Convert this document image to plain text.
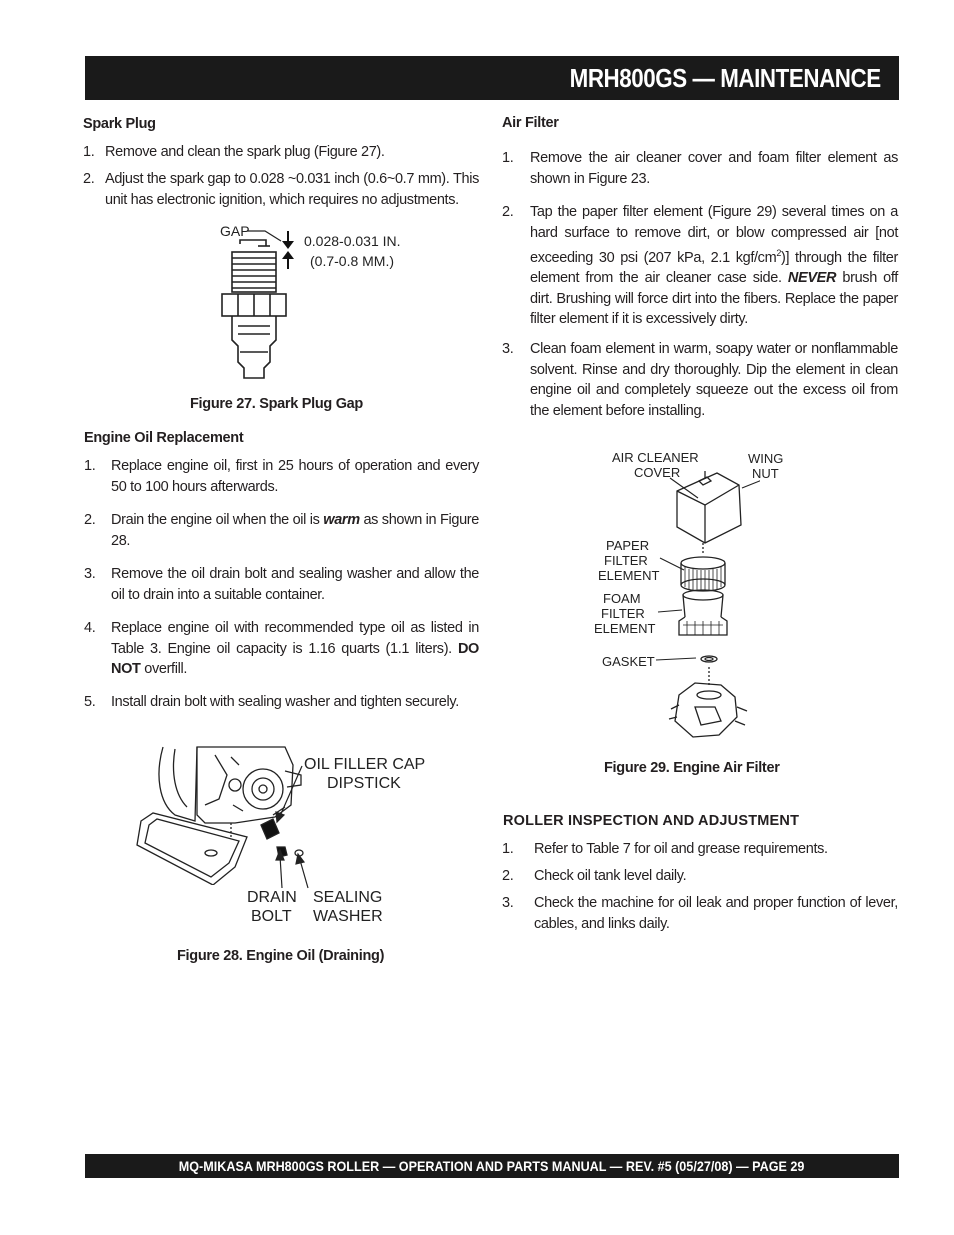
MRH800GS — MAINTENANCE
Spark Plug
1. Remove and clean the spark plug (Figure 27).
2. Adjust the spark gap to 0.028 ~0.031 inch (0.6~0.7 mm). This unit has electronic ignition, which requires no adjustments.
GAP
0.028-0.031 IN.
(0.7-0.8 MM.)
Figure 27. Spark Plug Gap
Engine Oil Replacement
1. Replace engine oil, first in 25 hours of operation and every 50 to 100 hours afterwards.
2. Drain the engine oil when the oil is warm as shown in Figure 28.
3. Remove the oil drain bolt and sealing washer and allow the oil to drain into a suitable container.
4. Replace engine oil with recommended type oil as listed in Table 3. Engine oil capacity is 1.16 quarts (1.1 liters). DO NOT overfill.
5. Install drain bolt with sealing washer and tighten securely.
OIL FILLER CAP
DIPSTICK
DRAIN
BOLT
SEALING
WASHER
Figure 28. Engine Oil (Draining)
Air Filter
1. Remove the air cleaner cover and foam filter element as shown in Figure 23.
2. Tap the paper filter element (Figure 29) several times on a hard surface to remove dirt, or blow compressed air [not exceeding 30 psi (207 kPa, 2.1 kgf/$cm^2$)] through the filter element from the air cleaner case side. NEVER brush off dirt. Brushing will force dirt into the fibers. Replace the paper filter element if it is excessively dirty.
3. Clean foam element in warm, soapy water or nonflammable solvent. Rinse and dry thoroughly. Dip the element in clean engine oil and completely squeeze out the excess oil from the element before installing.
AIR CLEANER
COVER
WING
NUT
PAPER
FILTER
ELEMENT
FOAM
FILTER
ELEMENT
GASKET
Figure 29. Engine Air Filter
ROLLER INSPECTION AND ADJUSTMENT
1. Refer to Table 7 for oil and grease requirements.
2. Check oil tank level daily.
3. Check the machine for oil leak and proper function of lever, cables, and links daily.
MQ-MIKASA MRH800GS ROLLER — OPERATION AND PARTS MANUAL — REV. #5 (05/27/08) — PAGE 29
